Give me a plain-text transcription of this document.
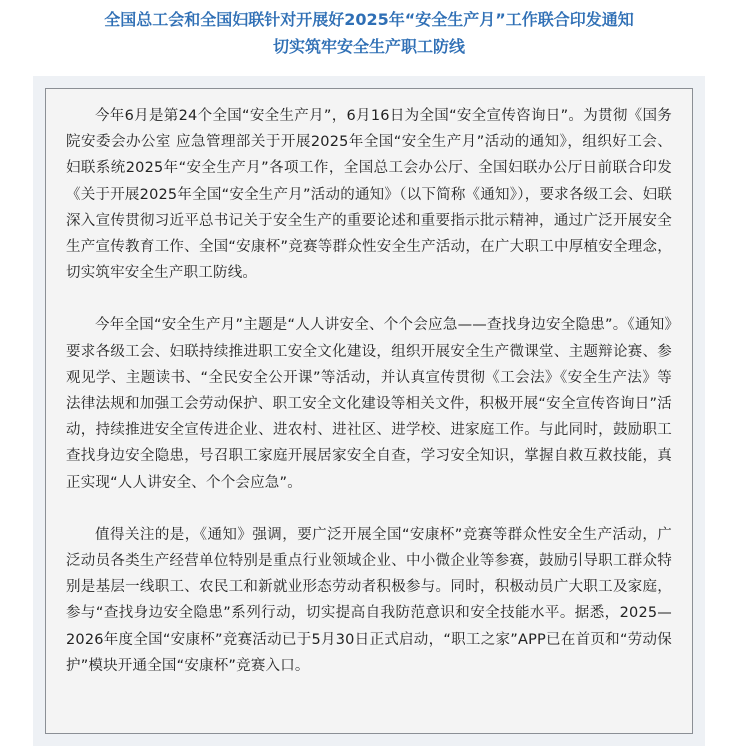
全国总工会和全国妇联针对开展好2025年“安全生产月”工作联合印发通知
切实筑牢安全生产职工防线

今年6月是第24个全国“安全生产月”，6月16日为全国“安全宣传咨询日”。为贯彻《国务院安委会办公室 应急管理部关于开展2025年全国“安全生产月”活动的通知》，组织好工会、妇联系统2025年“安全生产月”各项工作，全国总工会办公厅、全国妇联办公厅日前联合印发《关于开展2025年全国“安全生产月”活动的通知》（以下简称《通知》），要求各级工会、妇联深入宣传贯彻习近平总书记关于安全生产的重要论述和重要指示批示精神，通过广泛开展安全生产宣传教育工作、全国“安康杯”竞赛等群众性安全生产活动，在广大职工中厚植安全理念，切实筑牢安全生产职工防线。

今年全国“安全生产月”主题是“人人讲安全、个个会应急——查找身边安全隐患”。《通知》要求各级工会、妇联持续推进职工安全文化建设，组织开展安全生产微课堂、主题辩论赛、参观见学、主题读书、“全民安全公开课”等活动，并认真宣传贯彻《工会法》《安全生产法》等法律法规和加强工会劳动保护、职工安全文化建设等相关文件，积极开展“安全宣传咨询日”活动，持续推进安全宣传进企业、进农村、进社区、进学校、进家庭工作。与此同时，鼓励职工查找身边安全隐患，号召职工家庭开展居家安全自查，学习安全知识，掌握自救互救技能，真正实现“人人讲安全、个个会应急”。

值得关注的是，《通知》强调，要广泛开展全国“安康杯”竞赛等群众性安全生产活动，广泛动员各类生产经营单位特别是重点行业领域企业、中小微企业等参赛，鼓励引导职工群众特别是基层一线职工、农民工和新就业形态劳动者积极参与。同时，积极动员广大职工及家庭，参与“查找身边安全隐患”系列行动，切实提高自我防范意识和安全技能水平。据悉，2025—2026年度全国“安康杯”竞赛活动已于5月30日正式启动，“职工之家”APP已在首页和“劳动保护”模块开通全国“安康杯”竞赛入口。
